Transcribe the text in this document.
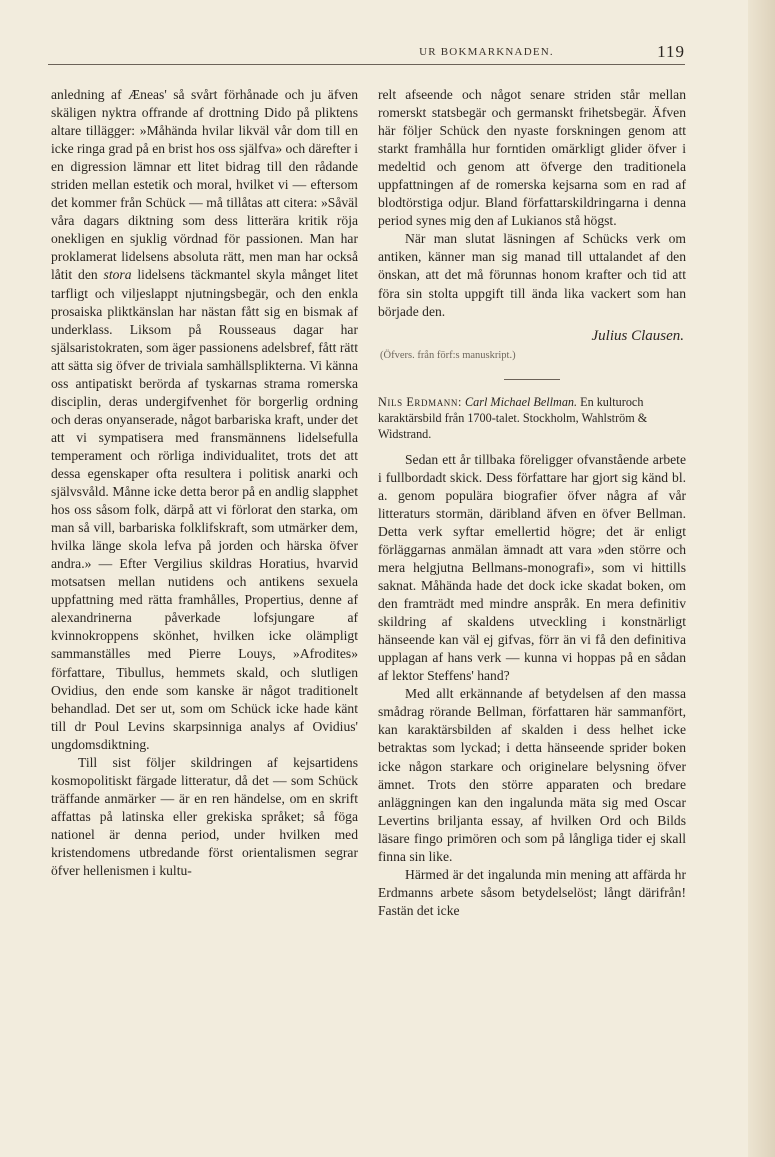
UR BOKMARKNADEN.	119

anledning af Æneas' så svårt förhånade och ju äfven skäligen nyktra offrande af drottning Dido på pliktens altare tillägger: »Måhända hvilar likväl vår dom till en icke ringa grad på en brist hos oss själfva» och därefter i en digression lämnar ett litet bidrag till den rådande striden mellan estetik och moral, hvilket vi — eftersom det kommer från Schück — må tillåtas att citera: »Såväl våra dagars diktning som dess litterära kritik röja onekligen en sjuklig vördnad för passionen. Man har proklamerat lidelsens absoluta rätt, men man har också låtit den stora lidelsens täckmantel skyla månget litet tarfligt och viljeslappt njutningsbegär, och den enkla prosaiska pliktkänslan har nästan fått sig en bismak af underklass. Liksom på Rousseaus dagar har själsaristokraten, som äger passionens adelsbref, fått rätt att sätta sig öfver de triviala samhällsplikterna. Vi känna oss antipatiskt berörda af tyskarnas strama romerska disciplin, deras undergifvenhet för borgerlig ordning och deras onyanserade, något barbariska kraft, under det att vi sympatisera med fransmännens lidelsefulla temperament och rörliga individualitet, trots det att dessa egenskaper ofta resultera i politisk anarki och självsvåld. Månne icke detta beror på en andlig slapphet hos oss såsom folk, därpå att vi förlorat den starka, om man så vill, barbariska folklifskraft, som utmärker dem, hvilka länge skola lefva på jorden och härska öfver andra.» — Efter Vergilius skildras Horatius, hvarvid motsatsen mellan nutidens och antikens sexuela uppfattning med rätta framhålles, Propertius, denne af alexandrinerna påverkade lofsjungare af kvinnokroppens skönhet, hvilken icke olämpligt sammanställes med Pierre Louys, »Afrodites» författare, Tibullus, hemmets skald, och slutligen Ovidius, den ende som kanske är något traditionelt behandlad. Det ser ut, som om Schück icke hade känt till dr Poul Levins skarpsinniga analys af Ovidius' ungdomsdiktning.

Till sist följer skildringen af kejsartidens kosmopolitiskt färgade litteratur, då det — som Schück träffande anmärker — är en ren händelse, om en skrift affattas på latinska eller grekiska språket; så föga nationel är denna period, under hvilken med kristendomens utbredande först orientalismen segrar öfver hellenismen i kultu-

relt afseende och något senare striden står mellan romerskt statsbegär och germanskt frihetsbegär. Äfven här följer Schück den nyaste forskningen genom att starkt framhålla hur forntiden omärkligt glider öfver i medeltid och genom att öfverge den traditionela uppfattningen af de romerska kejsarna som en rad af blodtörstiga odjur. Bland författarskildringarna i denna period synes mig den af Lukianos stå högst.

När man slutat läsningen af Schücks verk om antiken, känner man sig manad till uttalandet af den önskan, att det må förunnas honom krafter och tid att föra sin stolta uppgift till ända lika vackert som han började den.

Julius Clausen.

(Öfvers. från förf:s manuskript.)

Nils Erdmann: Carl Michael Bellman. En kulturoch karaktärsbild från 1700-talet. Stockholm, Wahlström & Widstrand.

Sedan ett år tillbaka föreligger ofvanstående arbete i fullbordadt skick. Dess författare har gjort sig känd bl. a. genom populära biografier öfver några af vår litteraturs stormän, däribland äfven en öfver Bellman. Detta verk syftar emellertid högre; det är enligt förläggarnas anmälan ämnadt att vara »den större och mera helgjutna Bellmans-monografi», som vi hittills saknat. Måhända hade det dock icke skadat boken, om den framträdt med mindre anspråk. En mera definitiv skildring af skaldens utveckling i konstnärligt hänseende kan väl ej gifvas, förr än vi få den definitiva upplagan af hans verk — kunna vi hoppas på en sådan af lektor Steffens' hand?

Med allt erkännande af betydelsen af den massa smådrag rörande Bellman, författaren här sammanfört, kan karaktärsbilden af skalden i dess helhet icke betraktas som lyckad; i detta hänseende sprider boken icke någon starkare och originelare belysning öfver ämnet. Trots den större apparaten och bredare anläggningen kan den ingalunda mäta sig med Oscar Levertins briljanta essay, af hvilken Ord och Bilds läsare fingo primören och som på långliga tider ej skall finna sin like.

Härmed är det ingalunda min mening att affärda hr Erdmanns arbete såsom betydelselöst; långt därifrån! Fastän det icke
